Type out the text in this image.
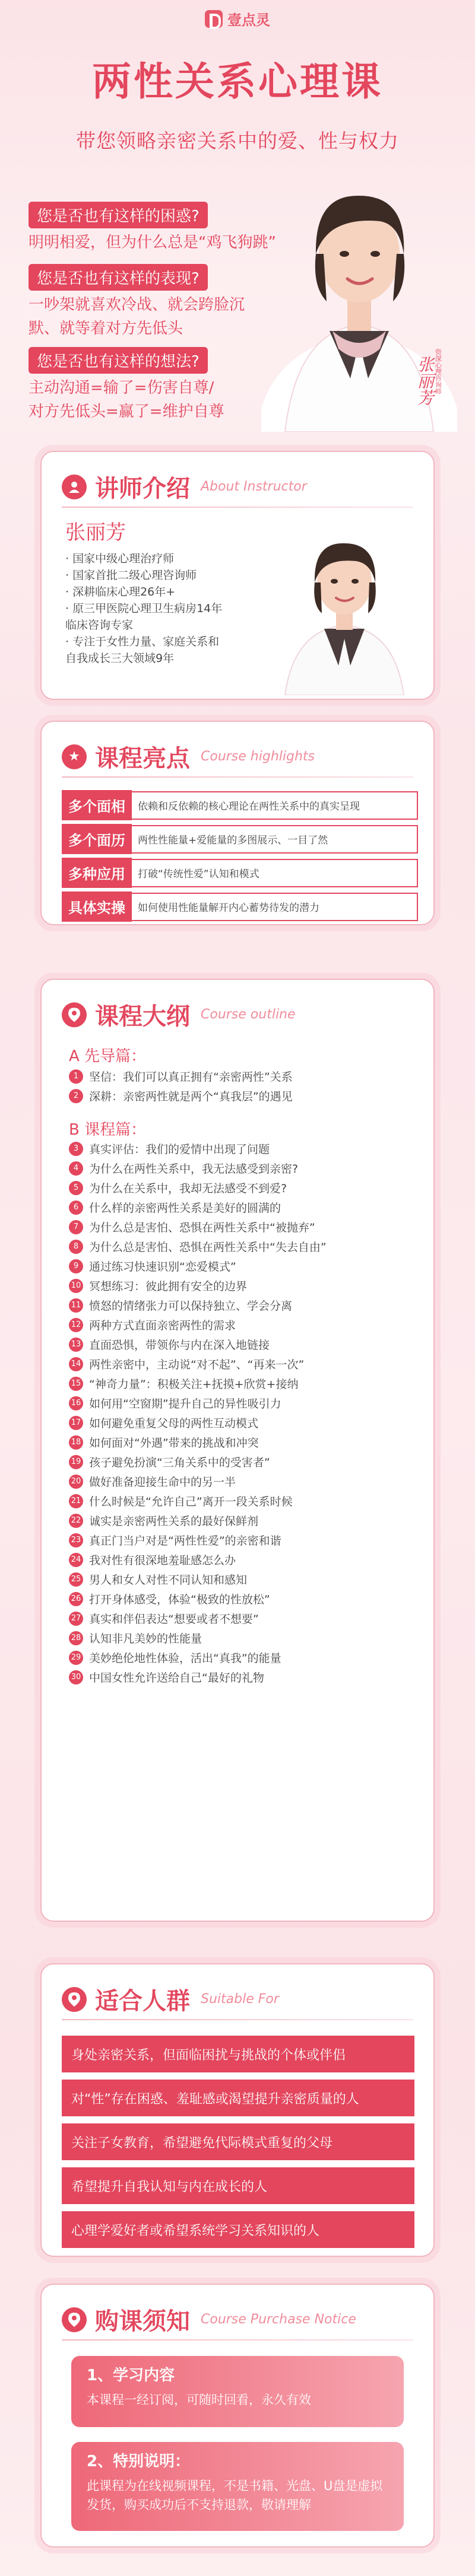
壹点灵
两性关系心理课
带您领略亲密关系中的爱、性与权力
张丽芳 资深心理咨询师
您是否也有这样的困惑?
明明相爱，但为什么总是“鸡飞狗跳”
您是否也有这样的表现?
一吵架就喜欢冷战、就会跨脸沉
默、就等着对方先低头
您是否也有这样的想法?
主动沟通=输了=伤害自尊/
对方先低头=赢了=维护自尊
讲师介绍 About Instructor
张丽芳
· 国家中级心理治疗师
· 国家首批二级心理咨询师
· 深耕临床心理26年+
· 原三甲医院心理卫生病房14年
临床咨询专家
· 专注于女性力量、家庭关系和
自我成长三大领域9年
★ 课程亮点 Course highlights
多个面相	依赖和反依赖的核心理论在两性关系中的真实呈现
多个面历	两性性能量+爱能量的多图展示、一目了然
多种应用	打破“传统性爱”认知和模式
具体实操	如何使用性能量解开内心蓄势待发的潜力
课程大纲 Course outline
A 先导篇：
1 坚信：我们可以真正拥有“亲密两性”关系
2 深耕：亲密两性就是两个“真我层”的遇见
B 课程篇：
3 真实评估：我们的爱情中出现了问题
4 为什么在两性关系中，我无法感受到亲密?
5 为什么在关系中，我却无法感受不到爱?
6 什么样的亲密两性关系是美好的圆满的
7 为什么总是害怕、恐惧在两性关系中“被抛弃”
8 为什么总是害怕、恐惧在两性关系中“失去自由”
9 通过练习快速识别“恋爱模式”
10 冥想练习：彼此拥有安全的边界
11 愤怒的情绪张力可以保持独立、学会分离
12 两种方式直面亲密两性的需求
13 直面恐惧，带领你与内在深入地链接
14 两性亲密中，主动说“对不起”、“再来一次”
15 “神奇力量”：积极关注+抚摸+欣赏+接纳
16 如何用“空窗期”提升自己的异性吸引力
17 如何避免重复父母的两性互动模式
18 如何面对“外遇”带来的挑战和冲突
19 孩子避免扮演“三角关系中的受害者”
20 做好准备迎接生命中的另一半
21 什么时候是“允许自己”离开一段关系时候
22 诚实是亲密两性关系的最好保鲜剂
23 真正门当户对是“两性性爱”的亲密和谐
24 我对性有很深地羞耻感怎么办
25 男人和女人对性不同认知和感知
26 打开身体感受，体验“极致的性放松”
27 真实和伴侣表达“想要或者不想要”
28 认知非凡美妙的性能量
29 美妙绝伦地性体验，活出“真我”的能量
30 中国女性允许送给自己“最好的礼物
适合人群 Suitable For
身处亲密关系，但面临困扰与挑战的个体或伴侣
对“性”存在困惑、羞耻感或渴望提升亲密质量的人
关注子女教育，希望避免代际模式重复的父母
希望提升自我认知与内在成长的人
心理学爱好者或希望系统学习关系知识的人
购课须知 Course Purchase Notice
1、学习内容
本课程一经订阅，可随时回看，永久有效
2、特别说明：
此课程为在线视频课程，不是书籍、光盘、U盘是虚拟发货，购买成功后不支持退款，敬请理解
